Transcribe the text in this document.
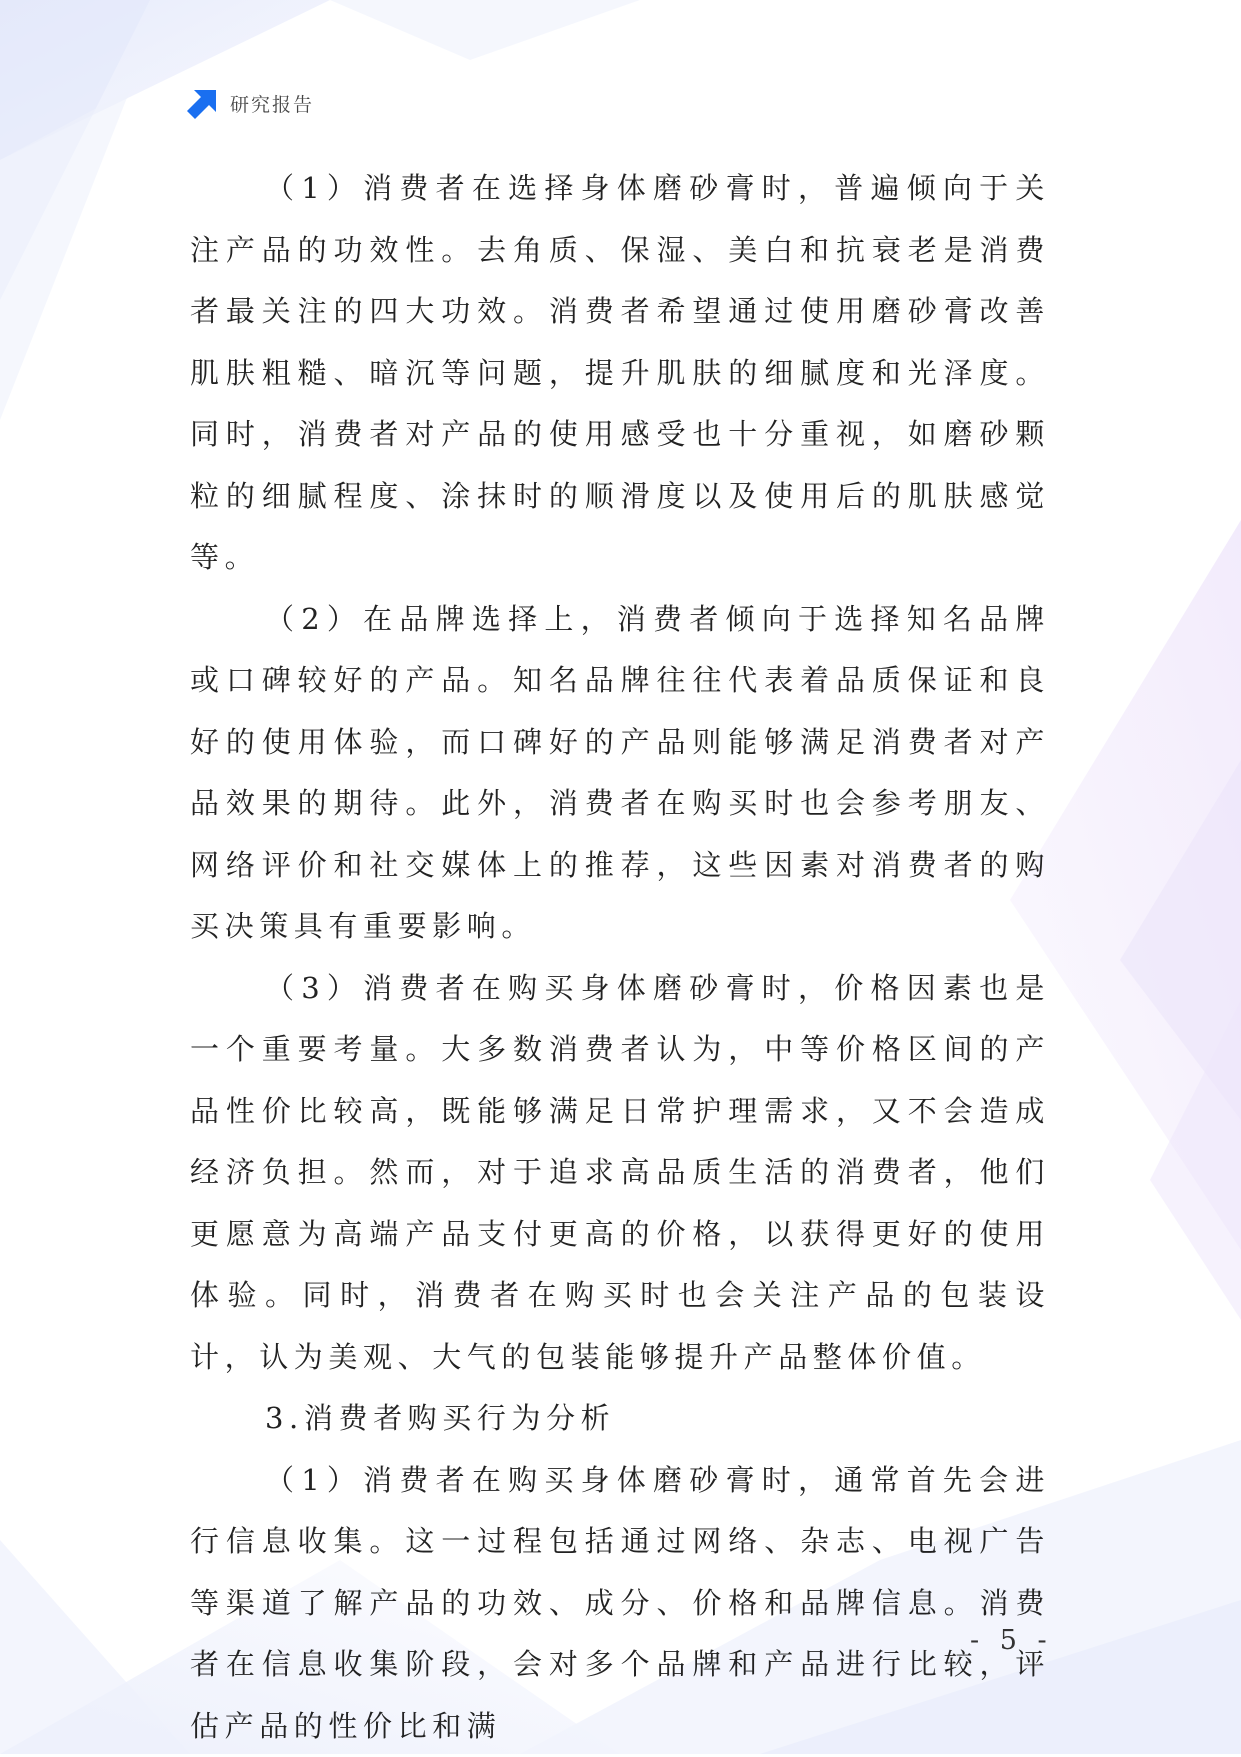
研究报告

（1）消费者在选择身体磨砂膏时，普遍倾向于关注产品的功效性。去角质、保湿、美白和抗衰老是消费者最关注的四大功效。消费者希望通过使用磨砂膏改善肌肤粗糙、暗沉等问题，提升肌肤的细腻度和光泽度。同时，消费者对产品的使用感受也十分重视，如磨砂颗粒的细腻程度、涂抹时的顺滑度以及使用后的肌肤感觉等。

（2）在品牌选择上，消费者倾向于选择知名品牌或口碑较好的产品。知名品牌往往代表着品质保证和良好的使用体验，而口碑好的产品则能够满足消费者对产品效果的期待。此外，消费者在购买时也会参考朋友、网络评价和社交媒体上的推荐，这些因素对消费者的购买决策具有重要影响。

（3）消费者在购买身体磨砂膏时，价格因素也是一个重要考量。大多数消费者认为，中等价格区间的产品性价比较高，既能够满足日常护理需求，又不会造成经济负担。然而，对于追求高品质生活的消费者，他们更愿意为高端产品支付更高的价格，以获得更好的使用体验。同时，消费者在购买时也会关注产品的包装设计，认为美观、大气的包装能够提升产品整体价值。

3.消费者购买行为分析

（1）消费者在购买身体磨砂膏时，通常首先会进行信息收集。这一过程包括通过网络、杂志、电视广告等渠道了解产品的功效、成分、价格和品牌信息。消费者在信息收集阶段，会对多个品牌和产品进行比较，评估产品的性价比和满

- 5 -
